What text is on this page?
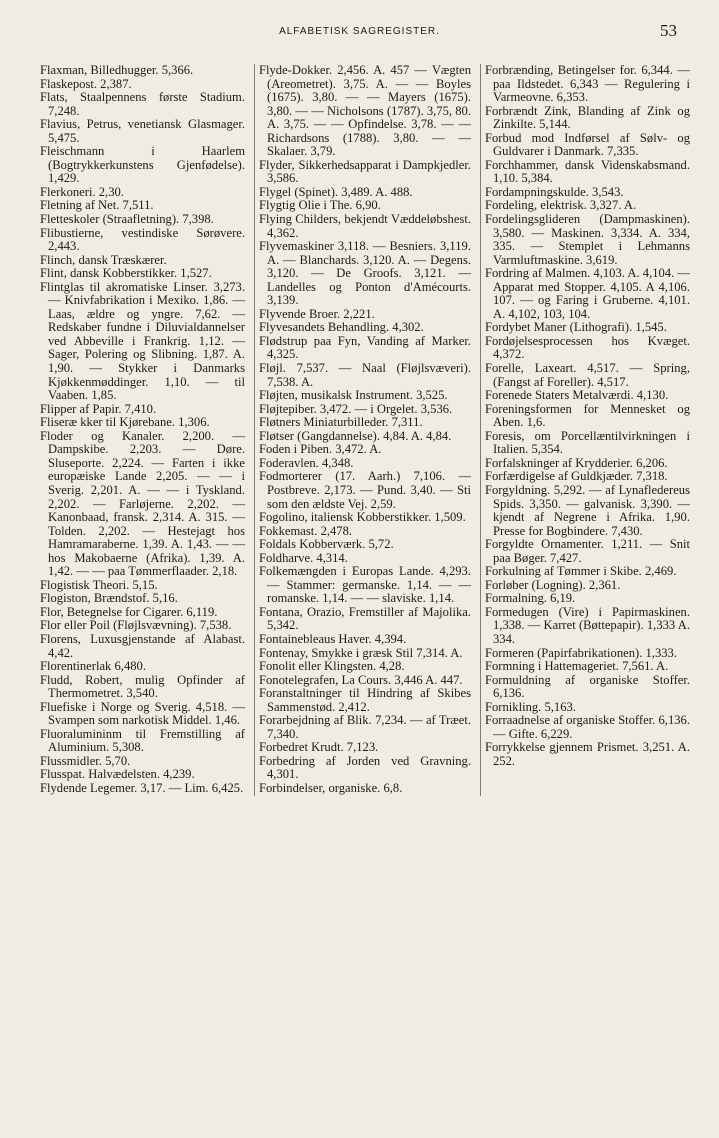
ALFABETISK SAGREGISTER.	53

Flaxman, Billedhugger. 5,366.

Flaskepost. 2,387.

Flats, Staalpennens første Stadium. 7,248.

Flavius, Petrus, venetiansk Glasmager. 5,475.

Fleischmann i Haarlem (Bogtrykkerkunstens Gjenfødelse). 1,429.

Flerkoneri. 2,30.

Fletning af Net. 7,511.

Fletteskoler (Straafletning). 7,398.

Flibustierne, vestindiske Sørøvere. 2,443.

Flinch, dansk Træskærer.

Flint, dansk Kobberstikker. 1,527.

Flintglas til akromatiske Linser. 3,273. — Knivfabrikation i Mexiko. 1,86. — Laas, ældre og yngre. 7,62. — Redskaber fundne i Diluvialdannelser ved Abbeville i Frankrig. 1,12. — Sager, Polering og Slibning. 1,87. A. 1,90. — Stykker i Danmarks Kjøkkenmøddinger. 1,10. — til Vaaben. 1,85.

Flipper af Papir. 7,410.

Fliseræ kker til Kjørebane. 1,306.

Floder og Kanaler. 2,200. — Dampskibe. 2,203. — Døre. Sluseporte. 2,224. — Farten i ikke europæiske Lande 2,205. — — i Sverig. 2,201. A. — — i Tyskland. 2,202. — Farløjerne. 2,202. — Kanonbaad, fransk. 2,314. A. 315. — Tolden. 2,202. — Hestejagt hos Hamramaraberne. 1,39. A. 1,43. — — hos Makobaerne (Afrika). 1,39. A. 1,42. — — paa Tømmerflaader. 2,18.

Flogistisk Theori. 5,15.

Flogiston, Brændstof. 5,16.

Flor, Betegnelse for Cigarer. 6,119.

Flor eller Poil (Fløjlsvævning). 7,538.

Florens, Luxusgjenstande af Alabast. 4,42.

Florentinerlak 6,480.

Fludd, Robert, mulig Opfinder af Thermometret. 3,540.

Fluefiske i Norge og Sverig. 4,518. — Svampen som narkotisk Middel. 1,46.

Fluoralumininm til Fremstilling af Aluminium. 5,308.

Flussmidler. 5,70.

Flusspat. Halvædelsten. 4,239.

Flydende Legemer. 3,17. — Lim. 6,425.

Flyde-Dokker. 2,456. A. 457 — Vægten (Areometret). 3,75. A. — — Boyles (1675). 3,80. — — Mayers (1675). 3,80. — — Nicholsons (1787). 3,75, 80. A. 3,75. — — Opfindelse. 3,78. — — Richardsons (1788). 3,80. — — Skalaer. 3,79.

Flyder, Sikkerhedsapparat i Dampkjedler. 3,586.

Flygel (Spinet). 3,489. A. 488.

Flygtig Olie i The. 6,90.

Flying Childers, bekjendt Væddeløbshest. 4,362.

Flyvemaskiner 3,118. — Besniers. 3,119. A. — Blanchards. 3,120. A. — Degens. 3,120. — De Groofs. 3,121. — Landelles og Ponton d'Amécourts. 3,139.

Flyvende Broer. 2,221.

Flyvesandets Behandling. 4,302.

Flødstrup paa Fyn, Vanding af Marker. 4,325.

Fløjl. 7,537. — Naal (Fløjlsvæveri). 7,538. A.

Fløjten, musikalsk Instrument. 3,525.

Fløjtepiber. 3,472. — i Orgelet. 3,536.

Fløtners Miniaturbilleder. 7,311.

Fløtser (Gangdannelse). 4,84. A. 4,84.

Foden i Piben. 3,472. A.

Foderavlen. 4,348.

Fodmorterer (17. Aarh.) 7,106. — Postbreve. 2,173. — Pund. 3,40. — Sti som den ældste Vej. 2,59.

Fogolino, italiensk Kobberstikker. 1,509.

Fokkemast. 2,478.

Foldals Kobberværk. 5,72.

Foldharve. 4,314.

Folkemængden i Europas Lande. 4,293. — Stammer: germanske. 1,14. — — romanske. 1,14. — — slaviske. 1,14.

Fontana, Orazio, Fremstiller af Majolika. 5,342.

Fontainebleaus Haver. 4,394.

Fontenay, Smykke i græsk Stil 7,314. A.

Fonolit eller Klingsten. 4,28.

Fonotelegrafen, La Cours. 3,446 A. 447.

Foranstaltninger til Hindring af Skibes Sammenstød. 2,412.

Forarbejdning af Blik. 7,234. — af Træet. 7,340.

Forbedret Krudt. 7,123.

Forbedring af Jorden ved Gravning. 4,301.

Forbindelser, organiske. 6,8.

Forbrænding, Betingelser for. 6,344. — paa Ildstedet. 6,343 — Regulering i Varmeovne. 6,353.

Forbrændt Zink, Blanding af Zink og Zinkilte. 5,144.

Forbud mod Indførsel af Sølv- og Guldvarer i Danmark. 7,335.

Forchhammer, dansk Videnskabsmand. 1,10. 5,384.

Fordampningskulde. 3,543.

Fordeling, elektrisk. 3,327. A.

Fordelingsglideren (Dampmaskinen). 3,580. — Maskinen. 3,334. A. 334, 335. — Stemplet i Lehmanns Varmluftmaskine. 3,619.

Fordring af Malmen. 4,103. A. 4,104. — Apparat med Stopper. 4,105. A 4,106. 107. — og Faring i Gruberne. 4,101. A. 4,102, 103, 104.

Fordybet Maner (Lithografi). 1,545.

Fordøjelsesprocessen hos Kvæget. 4,372.

Forelle, Laxeart. 4,517. — Spring, (Fangst af Foreller). 4,517.

Forenede Staters Metalværdi. 4,130.

Foreningsformen for Mennesket og Aben. 1,6.

Foresis, om Porcellæntilvirkningen i Italien. 5,354.

Forfalskninger af Krydderier. 6,206.

Forfærdigelse af Guldkjæder. 7,318.

Forgyldning. 5,292. — af Lynafledereus Spids. 3,350. — galvanisk. 3,390. — kjendt af Negrene i Afrika. 1,90. Presse for Bogbindere. 7,430.

Forgyldte Ornamenter. 1,211. — Snit paa Bøger. 7,427.

Forkulning af Tømmer i Skibe. 2,469.

Forløber (Logning). 2,361.

Formalning. 6,19.

Formedugen (Vire) i Papirmaskinen. 1,338. — Karret (Bøttepapir). 1,333 A. 334.

Formeren (Papirfabrikationen). 1,333.

Formning i Hattemageriet. 7,561. A.

Formuldning af organiske Stoffer. 6,136.

Fornikling. 5,163.

Forraadnelse af organiske Stoffer. 6,136. — Gifte. 6,229.

Forrykkelse gjennem Prismet. 3,251. A. 252.
